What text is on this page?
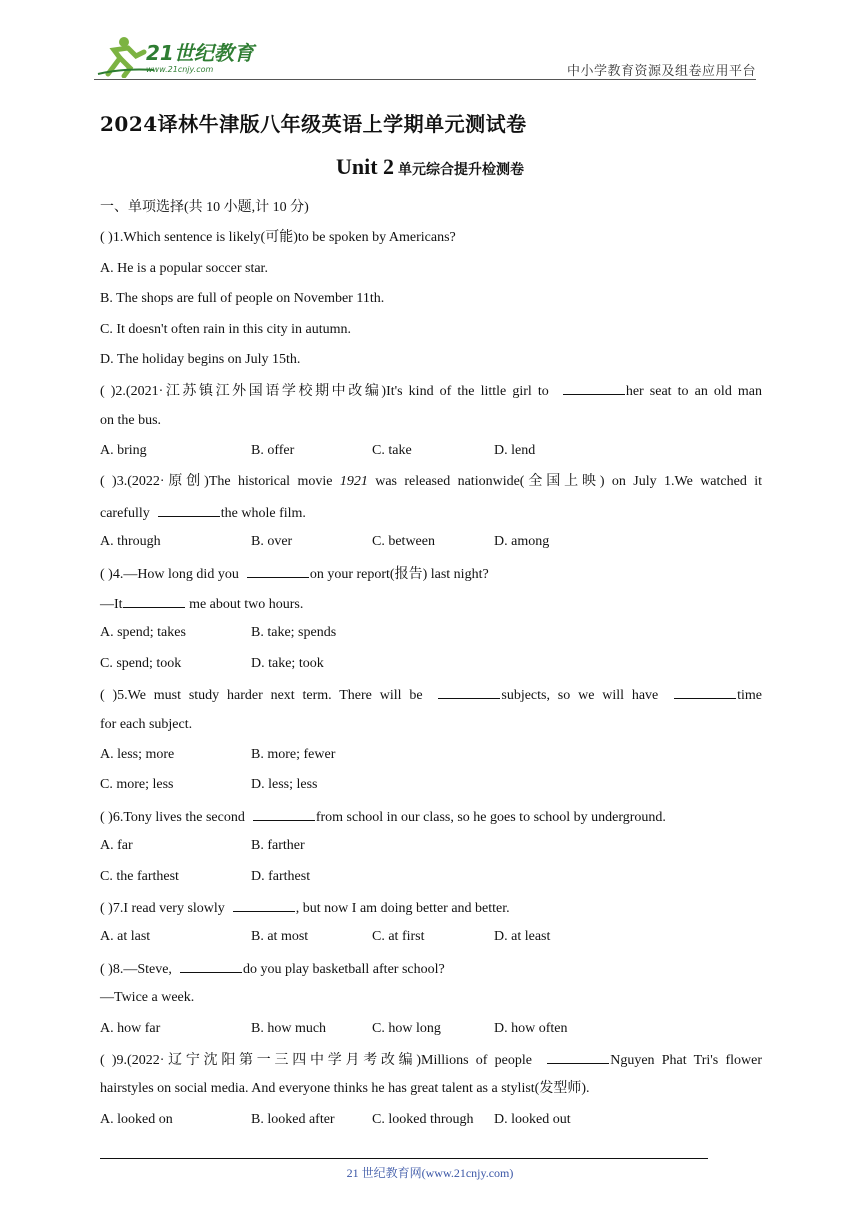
21世纪教育
www.21cnjy.com	中小学教育资源及组卷应用平台
2024译林牛津版八年级英语上学期单元测试卷
Unit 2 单元综合提升检测卷
一、单项选择(共 10 小题,计 10 分)
( )1.Which sentence is likely(可能)to be spoken by Americans?
A. He is a popular soccer star.
B. The shops are full of people on November 11th.
C. It doesn't often rain in this city in autumn.
D. The holiday begins on July 15th.
( )2.(2021·江苏镇江外国语学校期中改编)It's kind of the little girl to	her seat to an old man
on the bus.
A. bring	B. offer	C. take	D. lend
( )3.(2022·原创)The historical movie 1921 was released nationwide(全国上映) on July 1.We watched it
carefully	the whole film.
A. through	B. over	C. between	D. among
( )4.—How long did you	on your report(报告) last night?
—It	me about two hours.
A. spend; takes	B. take; spends
C. spend; took	D. take; took
( )5.We must study harder next term. There will be	subjects, so we will have	time
for each subject.
A. less; more	B. more; fewer
C. more; less	D. less; less
( )6.Tony lives the second	from school in our class, so he goes to school by underground.
A. far	B. farther
C. the farthest	D. farthest
( )7.I read very slowly	, but now I am doing better and better.
A. at last	B. at most	C. at first	D. at least
( )8.—Steve,	do you play basketball after school?
—Twice a week.
A. how far	B. how much	C. how long	D. how often
( )9.(2022·辽宁沈阳第一三四中学月考改编)Millions of people	Nguyen Phat Tri's flower
hairstyles on social media. And everyone thinks he has great talent as a stylist(发型师).
A. looked on	B. looked after	C. looked through D. looked out
21 世纪教育网(www.21cnjy.com)
